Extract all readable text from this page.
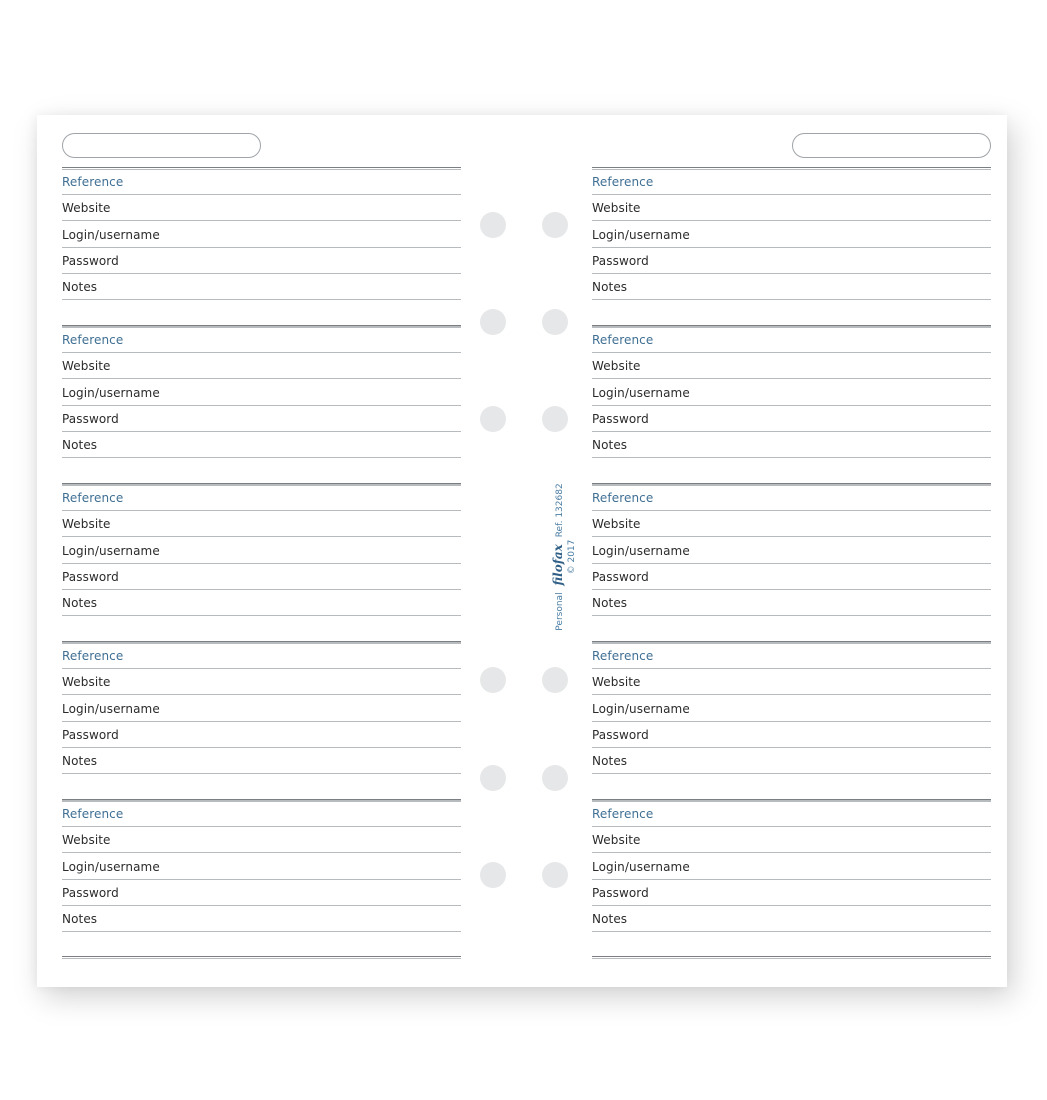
Reference
Website
Login/username
Password
Notes
Reference
Website
Login/username
Password
Notes
Reference
Website
Login/username
Password
Notes
Reference
Website
Login/username
Password
Notes
Reference
Website
Login/username
Password
Notes
Reference
Website
Login/username
Password
Notes
Reference
Website
Login/username
Password
Notes
Reference
Website
Login/username
Password
Notes
Reference
Website
Login/username
Password
Notes
Reference
Website
Login/username
Password
Notes
Personal filofax Ref. 132682
© 2017
